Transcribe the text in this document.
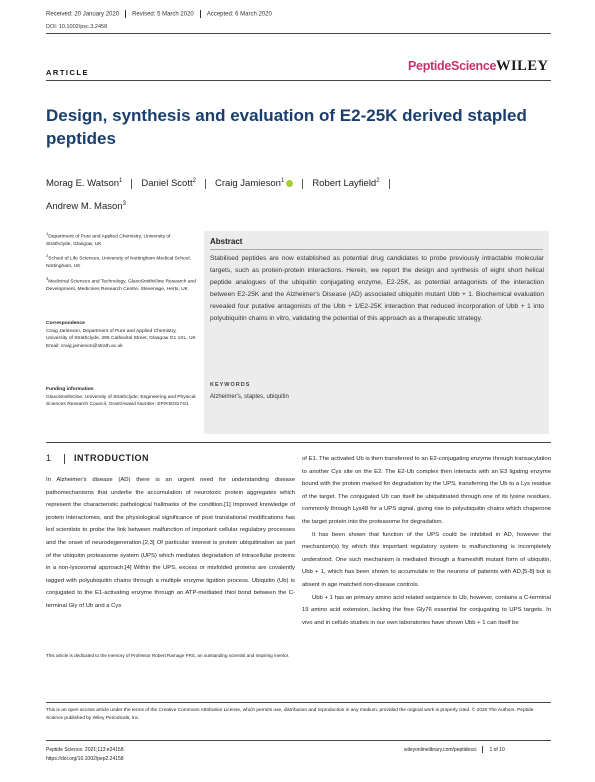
Received: 20 January 2020 Revised: 5 March 2020 Accepted: 6 March 2020
DOI: 10.1002/psc.3.2458
ARTICLE	PeptideScience WILEY
Design, synthesis and evaluation of E2-25K derived stapled peptides
Morag E. Watson$^1$ Daniel Scott$^2$ Craig Jamieson$^1$	Robert Layfield$^2$
Andrew M. Mason$^3$
$^1$Department of Pure and Applied Chemistry, University of Strathclyde, Glasgow, UK
$^2$School of Life Sciences, University of Nottingham Medical School, Nottingham, UK
$^3$Medicinal Sciences and Technology, GlaxoSmithKline Research and Development, Medicines Research Centre, Stevenage, Herts, UK
Correspondence
Craig Jamieson, Department of Pure and Applied Chemistry, University of Strathclyde, 295 Cathedral Street, Glasgow G1 1XL, UK Email: craig.jamieson@strath.ac.uk
Funding information
GlaxoSmithKline; University of Strathclyde; Engineering and Physical Sciences Research Council, Grant/Award Number: EP/K503174/1
Abstract
Stabilised peptides are now established as potential drug candidates to probe previously intractable molecular targets, such as protein-protein interactions. Herein, we report the design and synthesis of eight short helical peptide analogues of the ubiquitin conjugating enzyme, E2-25K, as potential antagonists of the interaction between E2-25K and the Alzheimer's Disease (AD) associated ubiquitin mutant Ubb + 1. Biochemical evaluation revealed four putative antagonists of the Ubb + 1/E2-25K interaction that reduced incorporation of Ubb + 1 into polyubiquitin chains in vitro, validating the potential of this approach as a therapeutic strategy.
KEYWORDS
Alzheimer's, staples, ubiquitin
1	INTRODUCTION

In Alzheimer's disease (AD) there is an urgent need for understanding disease pathomechanisms that underlie the accumulation of neurotoxic protein aggregates which represent the characteristic pathological hallmarks of the condition.[1] Improved knowledge of protein interactomes, and the physiological significance of post translational modifications has led scientists to probe the link between malfunction of important cellular regulatory processes and the onset of neurodegeneration.[2,3] Of particular interest is protein ubiquitination as part of the ubiquitin proteasome system (UPS) which mediates degradation of intracellular proteins in a non-lysosomal approach.[4] Within the UPS, excess or misfolded proteins are covalently tagged with polyubiquitin chains through a multiple enzyme ligation process. Ubiquitin (Ub) is conjugated to the E1-activating enzyme through an ATP-mediated thiol bond between the C-terminal Gly of Ub and a Cys

of E1. The activated Ub is then transferred to an E2-conjugating enzyme through transacylation to another Cys site on the E2. The E2-Ub complex then interacts with an E3 ligating enzyme bound with the protein marked for degradation by the UPS, transferring the Ub to a Lys residue of the target. The conjugated Ub can itself be ubiquitinated through one of its lysine residues, commonly through Lys48 for a UPS signal, giving rise to polyubiquitin chains which chaperone the target protein into the proteasome for degradation.

It has been shown that function of the UPS could be inhibited in AD, however the mechanism(s) by which this important regulatory system is malfunctioning is incompletely understood. One such mechanism is mediated through a frameshift mutant form of ubiquitin, Ubb + 1, which has been shown to accumulate in the neurons of patients with AD,[5-8] but is absent in age matched non-disease controls.

Ubb + 1 has an primary amino acid related sequence to Ub, however, contains a C-terminal 19 amino acid extension, lacking the free Gly76 essential for conjugating to UPS targets. In vivo and in cellulo studies in our own laboratories have shown Ubb + 1 can itself be

This article is dedicated to the memory of Professor Robert Ramage FRS, an outstanding scientist and inspiring mentor.
This is an open access article under the terms of the Creative Commons Attribution License, which permits use, distribution and reproduction in any medium, provided the original work is properly cited. © 2020 The Authors. Peptide Science published by Wiley Periodicals, Inc.
Peptide Science. 2021;113:e24158.
https://doi.org/10.1002/pep2.24158
wileyonlinelibrary.com/peptidesci	1 of 10
